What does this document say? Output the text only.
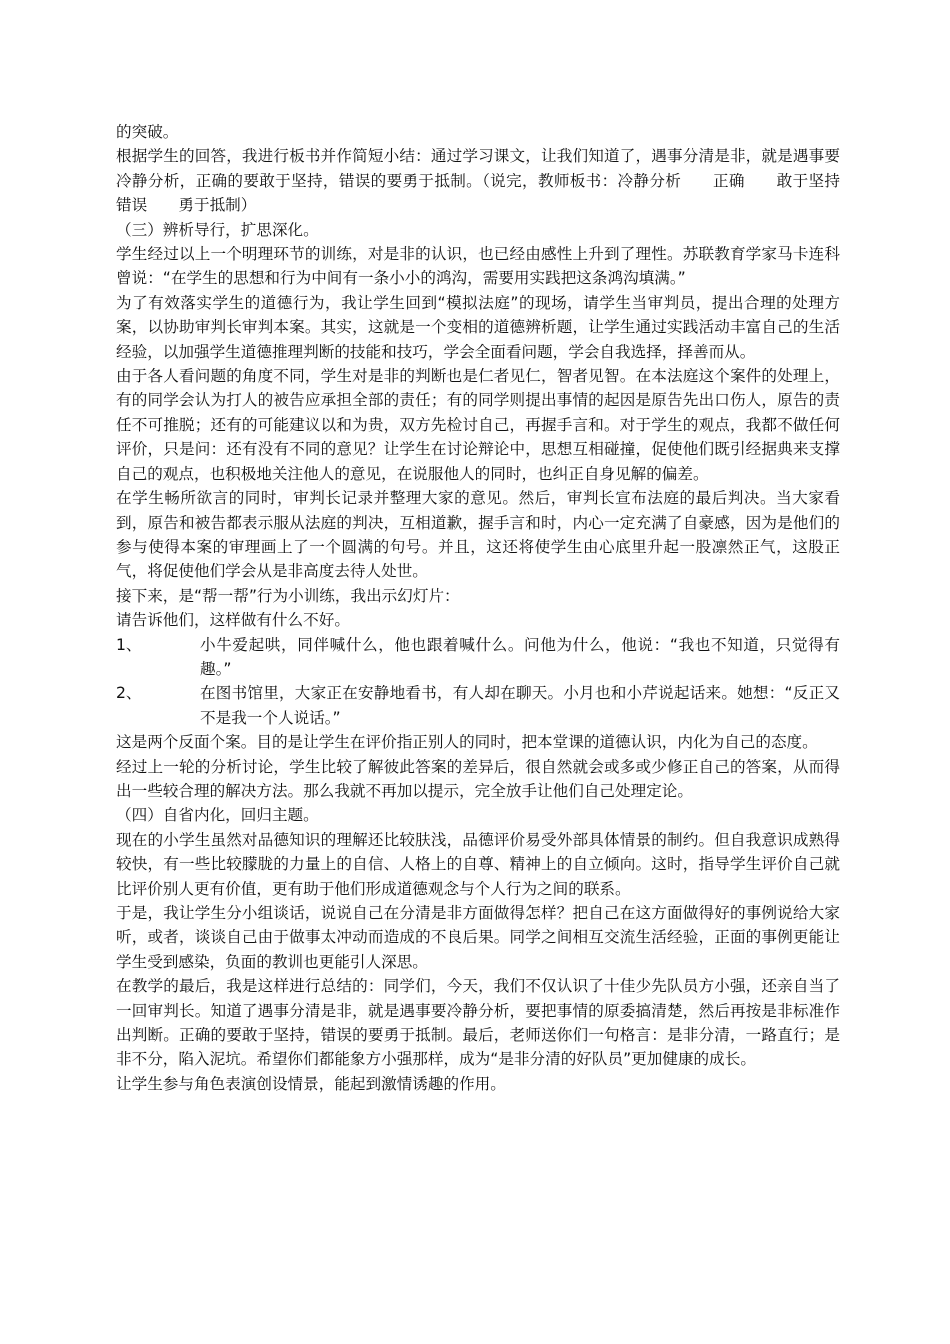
的突破。

根据学生的回答，我进行板书并作简短小结：通过学习课文，让我们知道了，遇事分清是非，就是遇事要冷静分析，正确的要敢于坚持，错误的要勇于抵制。（说完，教师板书：冷静分析　　正确　　敢于坚持　　错误　　勇于抵制）

（三）辨析导行，扩思深化。

学生经过以上一个明理环节的训练，对是非的认识，也已经由感性上升到了理性。苏联教育学家马卡连科曾说：“在学生的思想和行为中间有一条小小的鸿沟，需要用实践把这条鸿沟填满。”

为了有效落实学生的道德行为，我让学生回到“模拟法庭”的现场，请学生当审判员，提出合理的处理方案，以协助审判长审判本案。其实，这就是一个变相的道德辨析题，让学生通过实践活动丰富自己的生活经验，以加强学生道德推理判断的技能和技巧，学会全面看问题，学会自我选择，择善而从。

由于各人看问题的角度不同，学生对是非的判断也是仁者见仁，智者见智。在本法庭这个案件的处理上，有的同学会认为打人的被告应承担全部的责任；有的同学则提出事情的起因是原告先出口伤人，原告的责任不可推脱；还有的可能建议以和为贵，双方先检讨自己，再握手言和。对于学生的观点，我都不做任何评价，只是问：还有没有不同的意见？让学生在讨论辩论中，思想互相碰撞，促使他们既引经据典来支撑自己的观点，也积极地关注他人的意见，在说服他人的同时，也纠正自身见解的偏差。

在学生畅所欲言的同时，审判长记录并整理大家的意见。然后，审判长宣布法庭的最后判决。当大家看到，原告和被告都表示服从法庭的判决，互相道歉，握手言和时，内心一定充满了自豪感，因为是他们的参与使得本案的审理画上了一个圆满的句号。并且，这还将使学生由心底里升起一股凛然正气，这股正气，将促使他们学会从是非高度去待人处世。

接下来，是“帮一帮”行为小训练，我出示幻灯片：

请告诉他们，这样做有什么不好。

1、	小牛爱起哄，同伴喊什么，他也跟着喊什么。问他为什么，他说：“我也不知道，只觉得有趣。”
2、	在图书馆里，大家正在安静地看书，有人却在聊天。小月也和小芹说起话来。她想：“反正又不是我一个人说话。”

这是两个反面个案。目的是让学生在评价指正别人的同时，把本堂课的道德认识，内化为自己的态度。

经过上一轮的分析讨论，学生比较了解彼此答案的差异后，很自然就会或多或少修正自己的答案，从而得出一些较合理的解决方法。那么我就不再加以提示，完全放手让他们自己处理定论。

（四）自省内化，回归主题。

现在的小学生虽然对品德知识的理解还比较肤浅，品德评价易受外部具体情景的制约。但自我意识成熟得较快，有一些比较朦胧的力量上的自信、人格上的自尊、精神上的自立倾向。这时，指导学生评价自己就比评价别人更有价值，更有助于他们形成道德观念与个人行为之间的联系。

于是，我让学生分小组谈话，说说自己在分清是非方面做得怎样？把自己在这方面做得好的事例说给大家听，或者，谈谈自己由于做事太冲动而造成的不良后果。同学之间相互交流生活经验，正面的事例更能让学生受到感染，负面的教训也更能引人深思。

在教学的最后，我是这样进行总结的：同学们，今天，我们不仅认识了十佳少先队员方小强，还亲自当了一回审判长。知道了遇事分清是非，就是遇事要冷静分析，要把事情的原委搞清楚，然后再按是非标准作出判断。正确的要敢于坚持，错误的要勇于抵制。最后，老师送你们一句格言：是非分清，一路直行；是非不分，陷入泥坑。希望你们都能象方小强那样，成为“是非分清的好队员”更加健康的成长。

让学生参与角色表演创设情景，能起到激情诱趣的作用。
